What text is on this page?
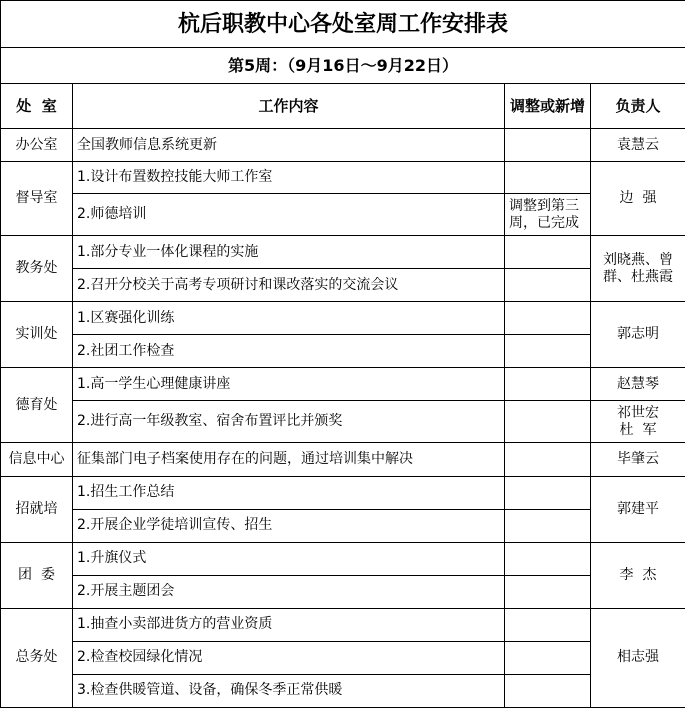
杭后职教中心各处室周工作安排表			
第5周：（9月16日～9月22日）			
处  室	工作内容	调整或新增	负责人
办公室	全国教师信息系统更新		袁慧云
督导室	1.设计布置数控技能大师工作室		边  强
	2.师德培训	调整到第三周，已完成	
教务处	1.部分专业一体化课程的实施		刘晓燕、曾群、杜燕霞
	2.召开分校关于高考专项研讨和课改落实的交流会议		
实训处	1.区赛强化训练		郭志明
	2.社团工作检查		
德育处	1.高一学生心理健康讲座		赵慧琴
	2.进行高一年级教室、宿舍布置评比并颁奖		祁世宏
杜  军

信息中心	征集部门电子档案使用存在的问题，通过培训集中解决		毕肇云
招就培	1.招生工作总结		郭建平
	2.开展企业学徒培训宣传、招生		
团  委	1.升旗仪式		李  杰
	2.开展主题团会		
总务处	1.抽查小卖部进货方的营业资质		相志强
	2.检查校园绿化情况		
	3.检查供暖管道、设备，确保冬季正常供暖		
